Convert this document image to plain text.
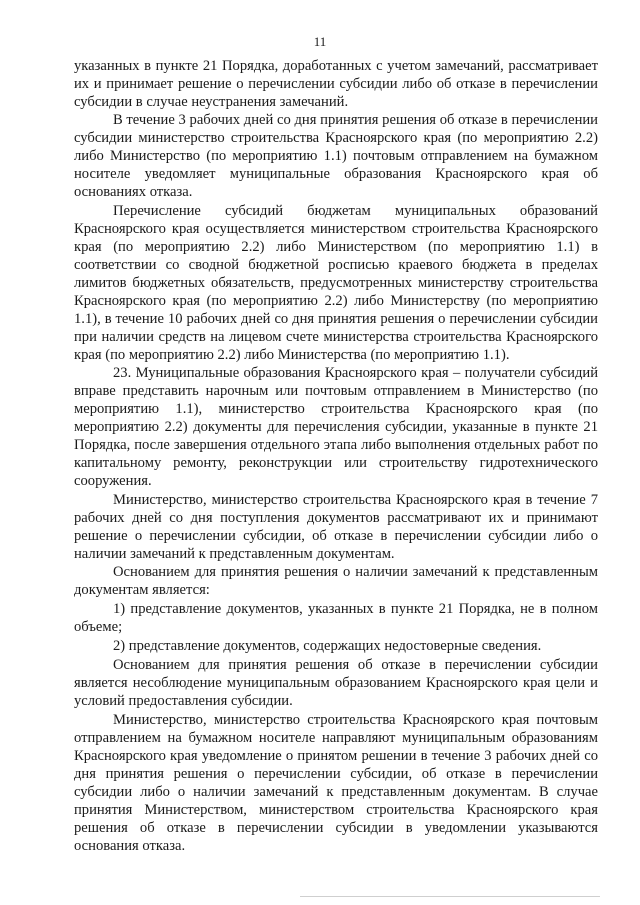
11

указанных в пункте 21 Порядка, доработанных с учетом замечаний, рассматривает их и принимает решение о перечислении субсидии либо об отказе в перечислении субсидии в случае неустранения замечаний.

В течение 3 рабочих дней со дня принятия решения об отказе в перечислении субсидии министерство строительства Красноярского края (по мероприятию 2.2) либо Министерство (по мероприятию 1.1) почтовым отправлением на бумажном носителе уведомляет муниципальные образования Красноярского края об основаниях отказа.

Перечисление субсидий бюджетам муниципальных образований Красноярского края осуществляется министерством строительства Красноярского края (по мероприятию 2.2) либо Министерством (по мероприятию 1.1) в соответствии со сводной бюджетной росписью краевого бюджета в пределах лимитов бюджетных обязательств, предусмотренных министерству строительства Красноярского края (по мероприятию 2.2) либо Министерству (по мероприятию 1.1), в течение 10 рабочих дней со дня принятия решения о перечислении субсидии при наличии средств на лицевом счете министерства строительства Красноярского края (по мероприятию 2.2) либо Министерства (по мероприятию 1.1).

23. Муниципальные образования Красноярского края – получатели субсидий вправе представить нарочным или почтовым отправлением в Министерство (по мероприятию 1.1), министерство строительства Красноярского края (по мероприятию 2.2) документы для перечисления субсидии, указанные в пункте 21 Порядка, после завершения отдельного этапа либо выполнения отдельных работ по капитальному ремонту, реконструкции или строительству гидротехнического сооружения.

Министерство, министерство строительства Красноярского края в течение 7 рабочих дней со дня поступления документов рассматривают их и принимают решение о перечислении субсидии, об отказе в перечислении субсидии либо о наличии замечаний к представленным документам.

Основанием для принятия решения о наличии замечаний к представленным документам является:

1) представление документов, указанных в пункте 21 Порядка, не в полном объеме;

2) представление документов, содержащих недостоверные сведения.

Основанием для принятия решения об отказе в перечислении субсидии является несоблюдение муниципальным образованием Красноярского края цели и условий предоставления субсидии.

Министерство, министерство строительства Красноярского края почтовым отправлением на бумажном носителе направляют муниципальным образованиям Красноярского края уведомление о принятом решении в течение 3 рабочих дней со дня принятия решения о перечислении субсидии, об отказе в перечислении субсидии либо о наличии замечаний к представленным документам. В случае принятия Министерством, министерством строительства Красноярского края решения об отказе в перечислении субсидии в уведомлении указываются основания отказа.
